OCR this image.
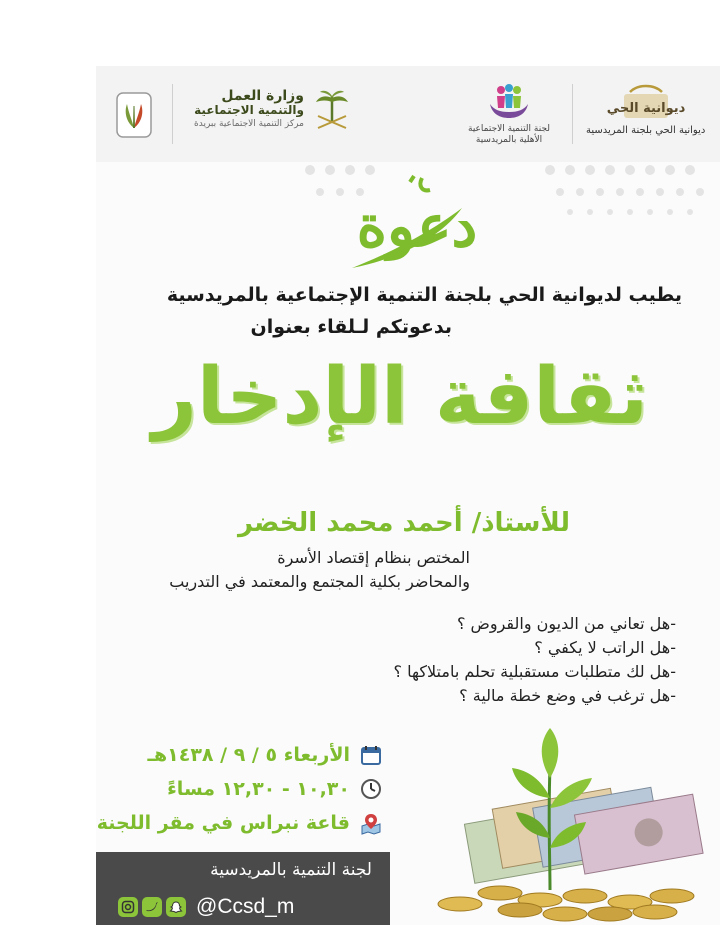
وزارة العمل
والتنمية الاجتماعية
مركز التنمية الاجتماعية ببريدة	لجنة التنمية الاجتماعية
الأهلية بالمريدسية
ديوانية الحي
ديوانية الحي بلجنة المريدسية
دعوة
يطيب لديوانية الحي بلجنة التنمية الإجتماعية بالمريدسية
بدعوتكم لـلقاء بعنوان
ثقافة الإدخار
للأستاذ/ أحمد محمد الخضر
المختص بنظام إقتصاد الأسرة
والمحاضر بكلية المجتمع والمعتمد في التدريب
-هل تعاني من الديون والقروض ؟
-هل الراتب لا يكفي ؟
-هل لك متطلبات مستقبلية تحلم بامتلاكها ؟
-هل ترغب في وضع خطة مالية ؟
الأربعاء ٥ / ٩ / ١٤٣٨هـ
١٠,٣٠ - ١٢,٣٠ مساءً
قاعة نبراس في مقر اللجنة
لجنة التنمية بالمريدسية
@Ccsd_m
